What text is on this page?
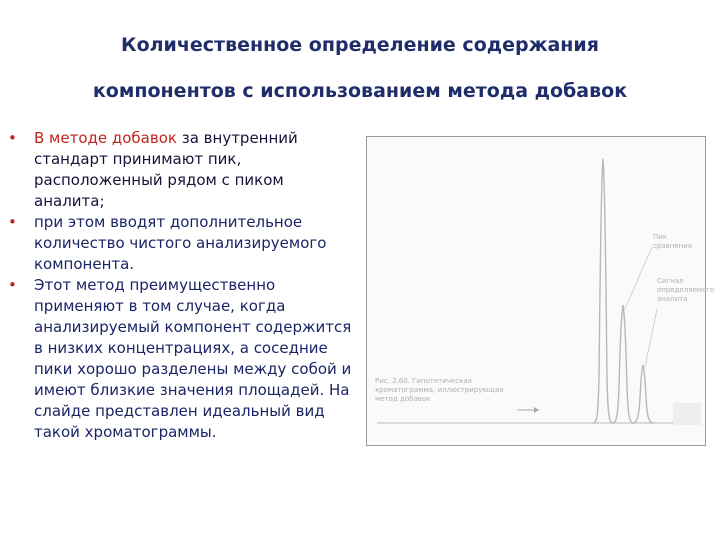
Количественное определение содержания
компонентов с использованием метода добавок
• В методе добавок за внутренний стандарт принимают пик, расположенный рядом с пиком аналита;
• при этом вводят дополнительное количество чистого анализируемого компонента.
• Этот метод преимущественно применяют в том случае, когда анализируемый компонент содержится в низких концентрациях, а соседние пики хорошо разделены между собой и имеют близкие значения площадей. На слайде представлен идеальный вид такой хроматограммы.
Пик сравнения
Сигнал определяемого аналита
Рис. 2.60. Гипотетическая хроматограмма, иллюстрирующая метод добавок
